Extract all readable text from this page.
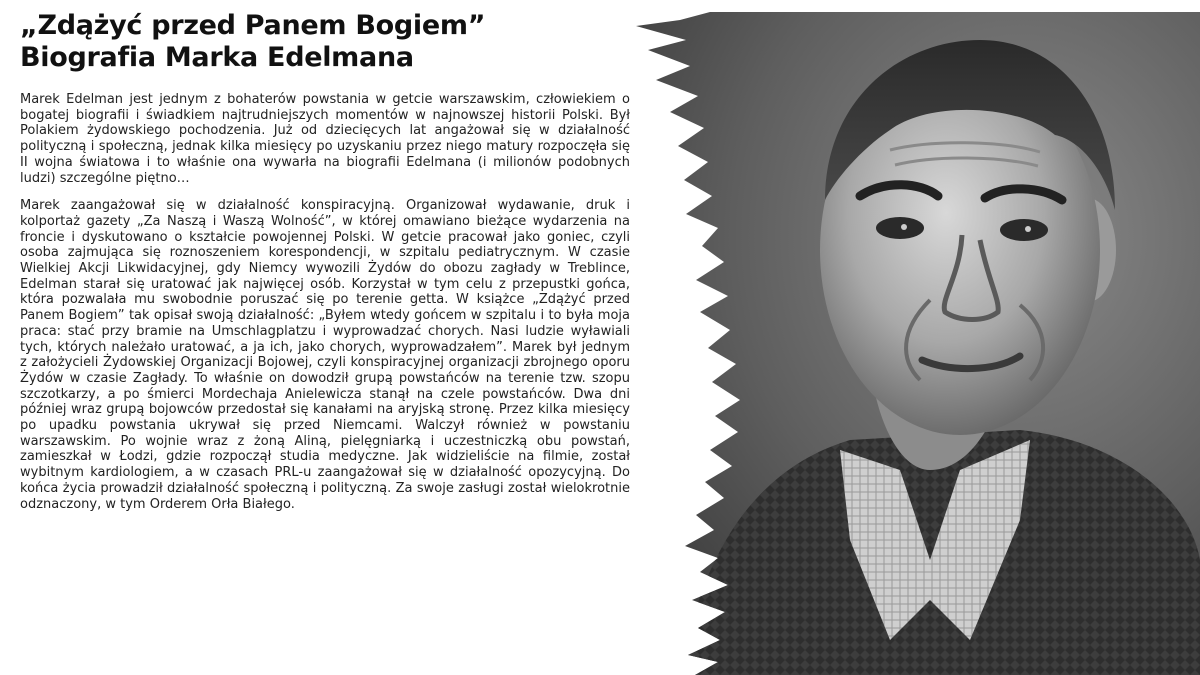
„Zdążyć przed Panem Bogiem”
Biografia Marka Edelmana

Marek Edelman jest jednym z bohaterów powstania w getcie warszawskim, człowiekiem o bogatej biografii i świadkiem najtrudniejszych momentów w najnowszej historii Polski. Był Polakiem żydowskiego pochodzenia. Już od dziecięcych lat angażował się w działalność polityczną i społeczną, jednak kilka miesięcy po uzyskaniu przez niego matury rozpoczęła się II wojna światowa i to właśnie ona wywarła na biografii Edelmana (i milionów podobnych ludzi) szczególne piętno…

Marek zaangażował się w działalność konspiracyjną. Organizował wydawanie, druk i kolportaż gazety „Za Naszą i Waszą Wolność”, w której omawiano bieżące wydarzenia na froncie i dyskutowano o kształcie powojennej Polski. W getcie pracował jako goniec, czyli osoba zajmująca się roznoszeniem korespondencji, w szpitalu pediatrycznym. W czasie Wielkiej Akcji Likwidacyjnej, gdy Niemcy wywozili Żydów do obozu zagłady w Treblince, Edelman starał się uratować jak najwięcej osób. Korzystał w tym celu z przepustki gońca, która pozwalała mu swobodnie poruszać się po terenie getta. W książce „Zdążyć przed Panem Bogiem” tak opisał swoją działalność: „Byłem wtedy gońcem w szpitalu i to była moja praca: stać przy bramie na Umschlagplatzu i wyprowadzać chorych. Nasi ludzie wyławiali tych, których należało uratować, a ja ich, jako chorych, wyprowadzałem”. Marek był jednym z założycieli Żydowskiej Organizacji Bojowej, czyli konspiracyjnej organizacji zbrojnego oporu Żydów w czasie Zagłady. To właśnie on dowodził grupą powstańców na terenie tzw. szopu szczotkarzy, a po śmierci Mordechaja Anielewicza stanął na czele powstańców. Dwa dni później wraz grupą bojowców przedostał się kanałami na aryjską stronę. Przez kilka miesięcy po upadku powstania ukrywał się przed Niemcami. Walczył również w powstaniu warszawskim. Po wojnie wraz z żoną Aliną, pielęgniarką i uczestniczką obu powstań, zamieszkał w Łodzi, gdzie rozpoczął studia medyczne. Jak widzieliście na filmie, został wybitnym kardiologiem, a w czasach PRL-u zaangażował się w działalność opozycyjną. Do końca życia prowadził działalność społeczną i polityczną. Za swoje zasługi został wielokrotnie odznaczony, w tym Orderem Orła Białego.
